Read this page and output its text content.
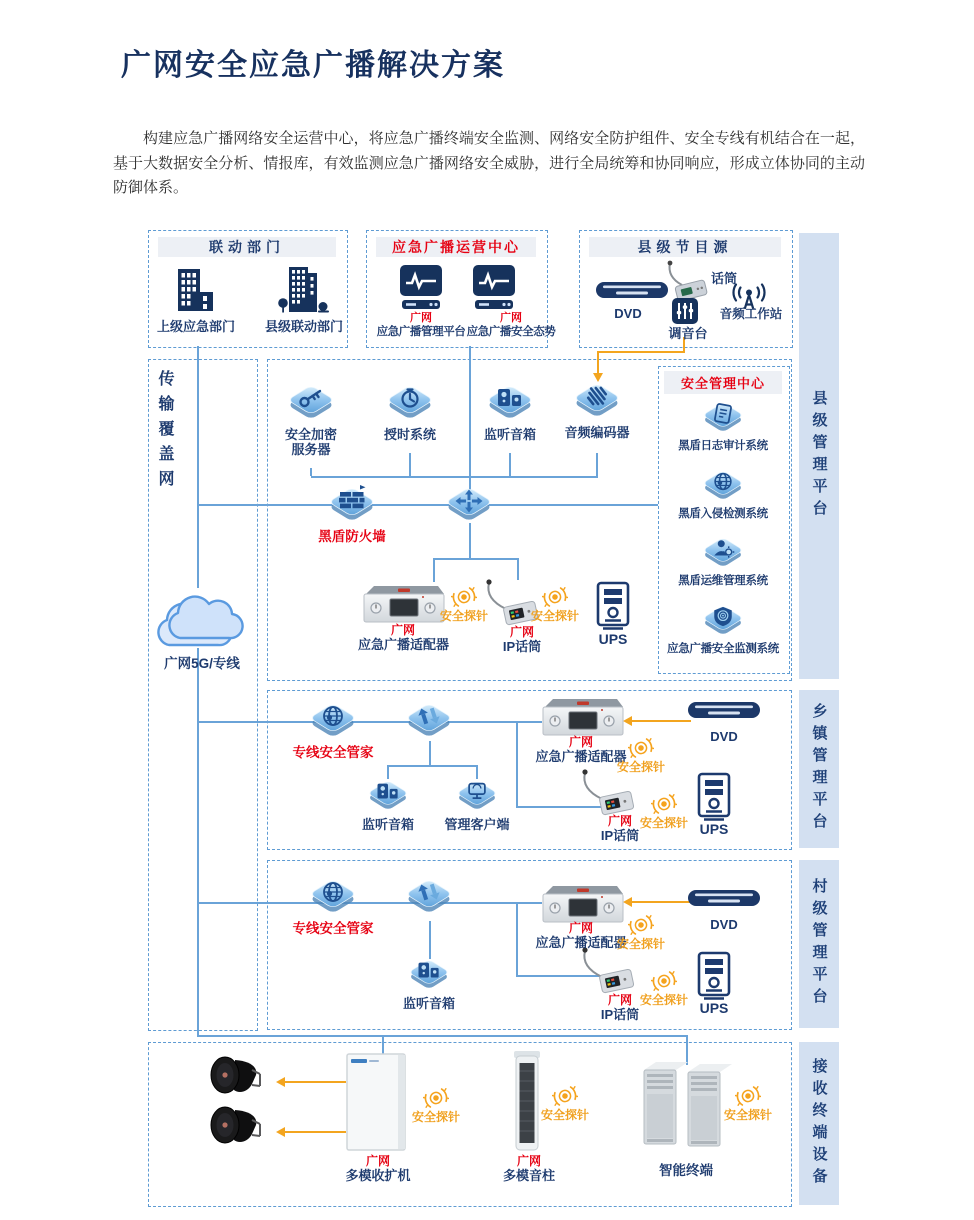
广网安全应急广播解决方案

构建应急广播网络安全运营中心，将应急广播终端安全监测、网络安全防护组件、安全专线有机结合在一起，基于大数据安全分析、情报库，有效监测应急广播网络安全威胁，进行全局统筹和协同响应，形成立体协同的主动防御体系。

县级管理平台
乡镇管理平台
村级管理平台
接收终端设备
联动部门
上级应急部门 县级联动部门
应急广播运营中心
广网
应急广播管理平台
广网
应急广播安全态势
县级节目源
DVD
话筒
调音台
音频工作站
传输覆盖网
广网5G/专线
安全加密
服务器
授时系统	监听音箱	音频编码器
黑盾防火墙
安全管理中心
黑盾日志审计系统
黑盾入侵检测系统
黑盾运维管理系统
应急广播安全监测系统
广网
应急广播适配器
安全探针
广网
IP话筒
安全探针
UPS
专线安全管家
监听音箱	管理客户端
广网
应急广播适配器
安全探针
DVD
广网
IP话筒
安全探针 UPS
专线安全管家
监听音箱
广网
应急广播适配器
安全探针
DVD
广网
IP话筒
安全探针 UPS
广网
多模收扩机
安全探针
广网
多模音柱
安全探针
智能终端
安全探针
